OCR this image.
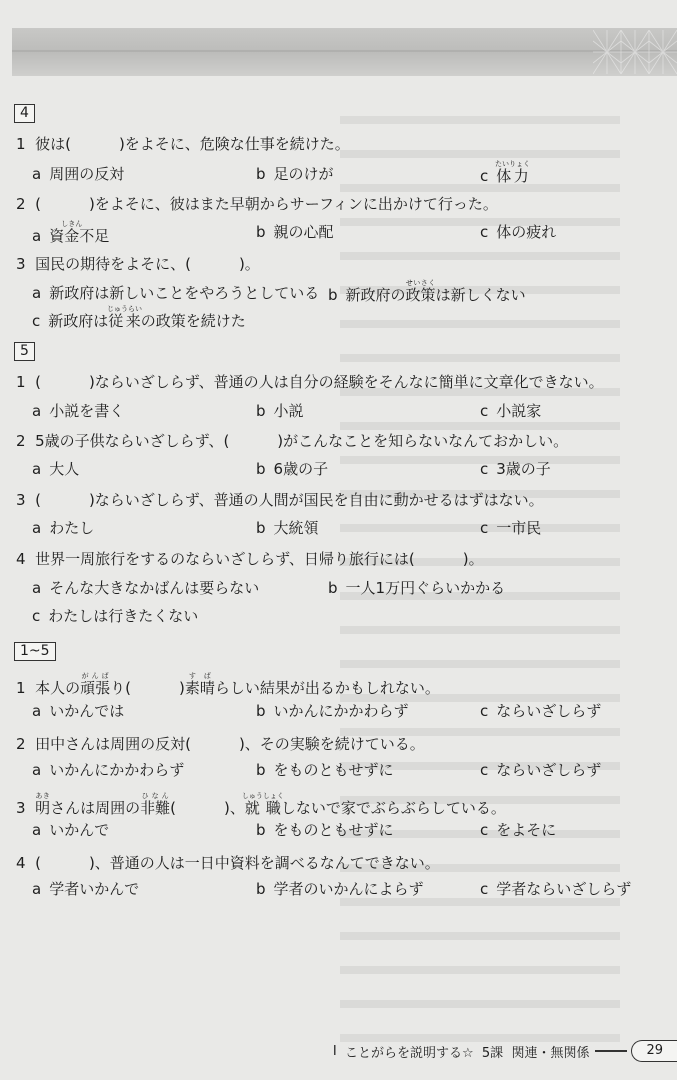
4
1 彼は(	)をよそに、危険な仕事を続けた。
a 周囲の反対	b 足のけが	c 体力たいりょく
2 (	)をよそに、彼はまた早朝からサーフィンに出かけて行った。
a 資金しきん不足	b 親の心配	c 体の疲れ
3 国民の期待をよそに、(	)。
a 新政府は新しいことをやろうとしている b 新政府の政策せいさくは新しくない
c 新政府は従来じゅうらいの政策を続けた
5
1 (	)ならいざしらず、普通の人は自分の経験をそんなに簡単に文章化できない。
a 小説を書く	b 小説	c 小説家
2 5歳の子供ならいざしらず、(	)がこんなことを知らないなんておかしい。
a 大人	b 6歳の子	c 3歳の子
3 (	)ならいざしらず、普通の人間が国民を自由に動かせるはずはない。
a わたし	b 大統領	c 一市民
4 世界一周旅行をするのならいざしらず、日帰り旅行には(	)。
a そんな大きなかばんは要らない	b 一人1万円ぐらいかかる
c わたしは行きたくない
1~5
1 本人の頑張がんばり(	)素晴すばらしい結果が出るかもしれない。
a いかんでは	b いかんにかかわらず	c ならいざしらず
2 田中さんは周囲の反対(	)、その実験を続けている。
a いかんにかかわらず	b をものともせずに	c ならいざしらず
3 明あきさんは周囲の非難ひなん(	)、就職しゅうしょくしないで家でぶらぶらしている。
a いかんで	b をものともせずに	c をよそに
4 (	)、普通の人は一日中資料を調べるなんてできない。
a 学者いかんで	b 学者のいかんによらず	c 学者ならいざしらず
I
ことがらを説明する☆
5課
関連・無関係	29
